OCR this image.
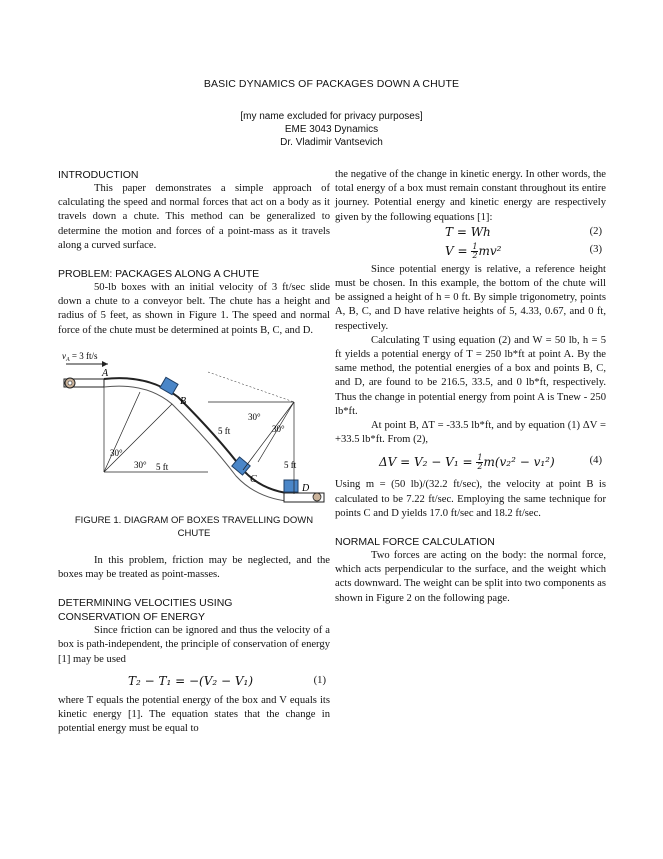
BASIC DYNAMICS OF PACKAGES DOWN A CHUTE
[my name excluded for privacy purposes]
EME 3043 Dynamics
Dr. Vladimir Vantsevich
INTRODUCTION

This paper demonstrates a simple approach of calculating the speed and normal forces that act on a body as it travels down a chute. This method can be generalized to determine the motion and forces of a point-mass as it travels along a curved surface.

PROBLEM: PACKAGES ALONG A CHUTE

50-lb boxes with an initial velocity of 3 ft/sec slide down a chute to a conveyor belt. The chute has a height and radius of 5 feet, as shown in Figure 1. The speed and normal force of the chute must be determined at points B, C, and D.

$v_A = 3$ ft/s
A
B
C
D
30°
30° 5 ft
30°
30°
5 ft
5 ft
FIGURE 1. DIAGRAM OF BOXES TRAVELLING DOWN CHUTE

In this problem, friction may be neglected, and the boxes may be treated as point-masses.

DETERMINING VELOCITIES USING
CONSERVATION OF ENERGY

Since friction can be ignored and thus the velocity of a box is path-independent, the principle of conservation of energy [1] may be used

T₂ − T₁ = −(V₂ − V₁)	(1)

where T equals the potential energy of the box and V equals its kinetic energy [1]. The equation states that the change in potential energy must be equal to

the negative of the change in kinetic energy. In other words, the total energy of a box must remain constant throughout its entire journey. Potential energy and kinetic energy are respectively given by the following equations [1]:

T = Wh	(2)
$V = \frac{1}{2} mv^2$	(3)

Since potential energy is relative, a reference height must be chosen. In this example, the bottom of the chute will be assigned a height of h = 0 ft. By simple trigonometry, points A, B, C, and D have relative heights of 5, 4.33, 0.67, and 0 ft, respectively.

Calculating T using equation (2) and W = 50 lb, h = 5 ft yields a potential energy of T = 250 lb*ft at point A. By the same method, the potential energies of a box and points B, C, and D, are found to be 216.5, 33.5, and 0 lb*ft, respectively. Thus the change in potential energy from point A is Tnew - 250 lb*ft.

At point B, ΔT = -33.5 lb*ft, and by equation (1) ΔV = +33.5 lb*ft. From (2),

$\Delta V = V_2 - V_1 = \frac{1}{2} m(v_2^2 - v_1^2)$	(4)

Using m = (50 lb)/(32.2 ft/sec), the velocity at point B is calculated to be 7.22 ft/sec. Employing the same technique for points C and D yields 17.0 ft/sec and 18.2 ft/sec.

NORMAL FORCE CALCULATION

Two forces are acting on the body: the normal force, which acts perpendicular to the surface, and the weight which acts downward. The weight can be split into two components as shown in Figure 2 on the following page.
